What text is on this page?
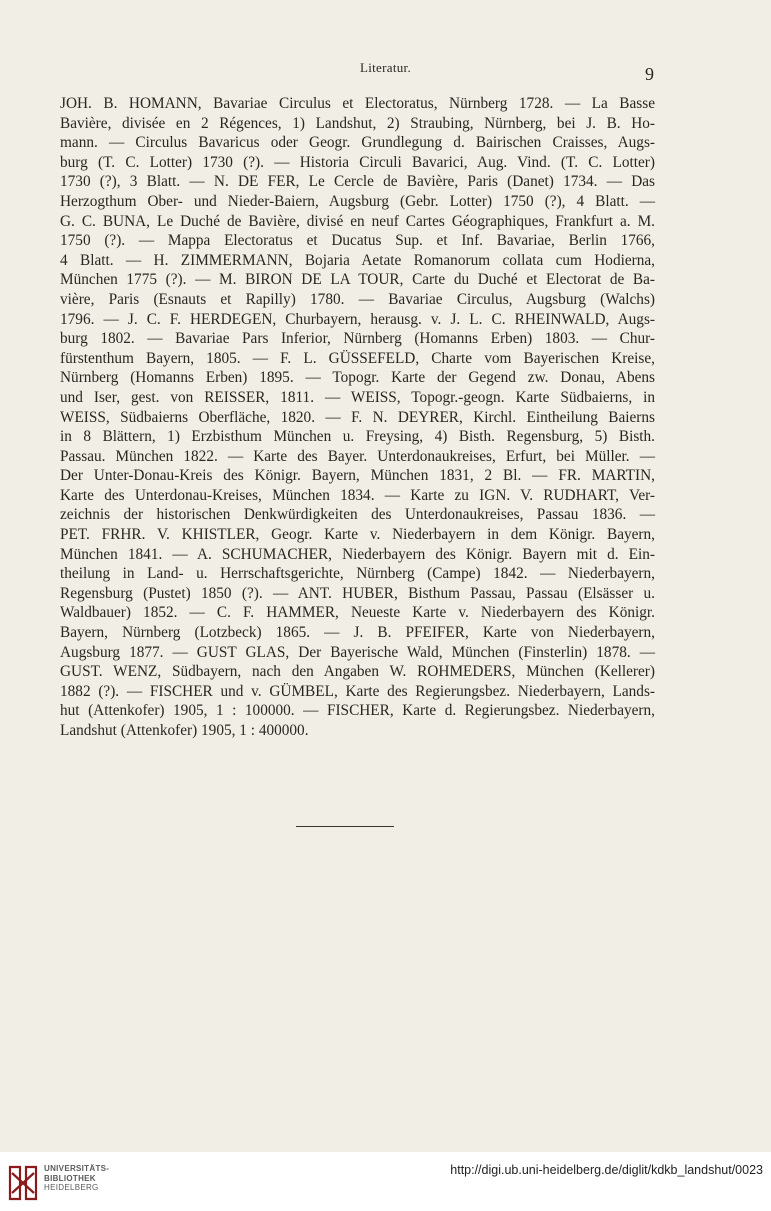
Literatur.	9
JOH. B. HOMANN, Bavariae Circulus et Electoratus, Nürnberg 1728. — La Basse
Bavière, divisée en 2 Régences, 1) Landshut, 2) Straubing, Nürnberg, bei J. B. Ho-
mann. — Circulus Bavaricus oder Geogr. Grundlegung d. Bairischen Craisses, Augs-
burg (T. C. Lotter) 1730 (?). — Historia Circuli Bavarici, Aug. Vind. (T. C. Lotter)
1730 (?), 3 Blatt. — N. DE FER, Le Cercle de Bavière, Paris (Danet) 1734. — Das
Herzogthum Ober- und Nieder-Baiern, Augsburg (Gebr. Lotter) 1750 (?), 4 Blatt. —
G. C. BUNA, Le Duché de Bavière, divisé en neuf Cartes Géographiques, Frankfurt a. M.
1750 (?). — Mappa Electoratus et Ducatus Sup. et Inf. Bavariae, Berlin 1766,
4 Blatt. — H. ZIMMERMANN, Bojaria Aetate Romanorum collata cum Hodierna,
München 1775 (?). — M. BIRON DE LA TOUR, Carte du Duché et Electorat de Ba-
vière, Paris (Esnauts et Rapilly) 1780. — Bavariae Circulus, Augsburg (Walchs)
1796. — J. C. F. HERDEGEN, Churbayern, herausg. v. J. L. C. RHEINWALD, Augs-
burg 1802. — Bavariae Pars Inferior, Nürnberg (Homanns Erben) 1803. — Chur-
fürstenthum Bayern, 1805. — F. L. GÜSSEFELD, Charte vom Bayerischen Kreise,
Nürnberg (Homanns Erben) 1895. — Topogr. Karte der Gegend zw. Donau, Abens
und Iser, gest. von REISSER, 1811. — WEISS, Topogr.-geogn. Karte Südbaierns, in
WEISS, Südbaierns Oberfläche, 1820. — F. N. DEYRER, Kirchl. Eintheilung Baierns
in 8 Blättern, 1) Erzbisthum München u. Freysing, 4) Bisth. Regensburg, 5) Bisth.
Passau. München 1822. — Karte des Bayer. Unterdonaukreises, Erfurt, bei Müller. —
Der Unter-Donau-Kreis des Königr. Bayern, München 1831, 2 Bl. — FR. MARTIN,
Karte des Unterdonau-Kreises, München 1834. — Karte zu IGN. V. RUDHART, Ver-
zeichnis der historischen Denkwürdigkeiten des Unterdonaukreises, Passau 1836. —
PET. FRHR. V. KHISTLER, Geogr. Karte v. Niederbayern in dem Königr. Bayern,
München 1841. — A. SCHUMACHER, Niederbayern des Königr. Bayern mit d. Ein-
theilung in Land- u. Herrschaftsgerichte, Nürnberg (Campe) 1842. — Niederbayern,
Regensburg (Pustet) 1850 (?). — ANT. HUBER, Bisthum Passau, Passau (Elsässer u.
Waldbauer) 1852. — C. F. HAMMER, Neueste Karte v. Niederbayern des Königr.
Bayern, Nürnberg (Lotzbeck) 1865. — J. B. PFEIFER, Karte von Niederbayern,
Augsburg 1877. — GUST GLAS, Der Bayerische Wald, München (Finsterlin) 1878. —
GUST. WENZ, Südbayern, nach den Angaben W. ROHMEDERS, München (Kellerer)
1882 (?). — FISCHER und v. GÜMBEL, Karte des Regierungsbez. Niederbayern, Lands-
hut (Attenkofer) 1905, 1 : 100000. — FISCHER, Karte d. Regierungsbez. Niederbayern,
Landshut (Attenkofer) 1905, 1 : 400000.
UNIVERSITÄTS-
BIBLIOTHEK
HEIDELBERG
http://digi.ub.uni-heidelberg.de/diglit/kdkb_landshut/0023
